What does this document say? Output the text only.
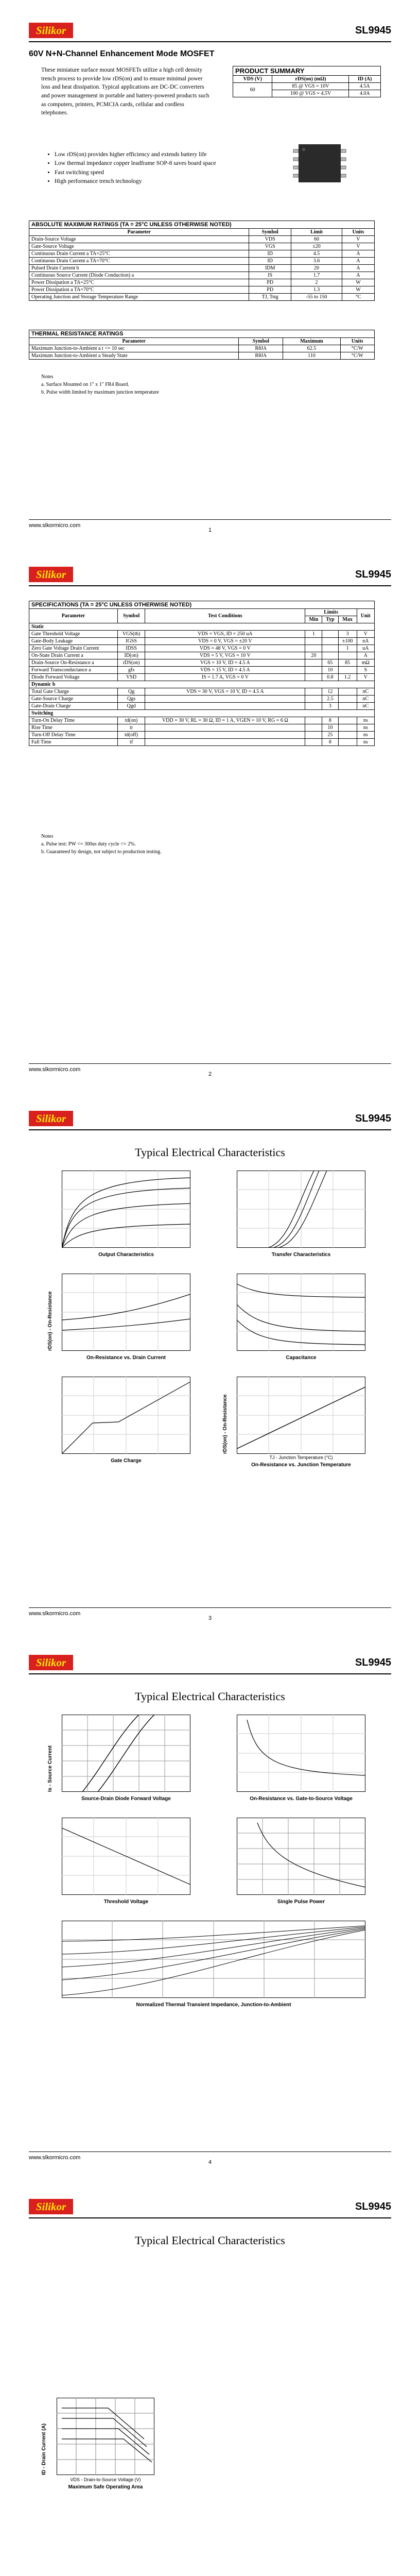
Silikor	SL9945
60V N+N-Channel Enhancement Mode MOSFET
These miniature surface mount MOSFETs utilize a high cell density trench process to provide low rDS(on) and to ensure minimal power loss and heat dissipation. Typical applications are DC-DC converters and power management in portable and battery-powered products such as computers, printers, PCMCIA cards, cellular and cordless telephones.
• Low rDS(on) provides higher efficiency and extends battery life
• Low thermal impedance copper leadframe SOP-8 saves board space
• Fast switching speed
• High performance trench technology
PRODUCT SUMMARY		
VDS (V)	rDS(on) (mΩ)	ID (A)
60	85 @ VGS = 10V	4.5A
	100 @ VGS = 4.5V	4.0A
ABSOLUTE MAXIMUM RATINGS (TA = 25°C UNLESS OTHERWISE NOTED)			
Parameter	Symbol	Limit	Units
Drain-Source Voltage	VDS	60	V
Gate-Source Voltage	VGS	±20	V
Continuous Drain Current a TA=25°C	ID	4.5	A
Continuous Drain Current a TA=70°C	ID	3.6	A
Pulsed Drain Current b	IDM	20	A
Continuous Source Current (Diode Conduction) a	IS	1.7	A
Power Dissipation a TA=25°C	PD	2	W
Power Dissipation a TA=70°C	PD	1.3	W
Operating Junction and Storage Temperature Range	TJ, Tstg	-55 to 150	°C
THERMAL RESISTANCE RATINGS			
Parameter	Symbol	Maximum	Units
Maximum Junction-to-Ambient a t <= 10 sec	RθJA	62.5	°C/W
Maximum Junction-to-Ambient a Steady State	RθJA	110	°C/W
Notes
a. Surface Mounted on 1" x 1" FR4 Board.
b. Pulse width limited by maximum junction temperature
www.slkormicro.com
1
Silikor	SL9945
SPECIFICATIONS (TA = 25°C UNLESS OTHERWISE NOTED)						
Parameter	Symbol	Test Conditions	Limits			Unit
			Min	Typ	Max	
Static						
Gate Threshold Voltage	VGS(th)	VDS = VGS, ID = 250 uA	1		3	V
Gate-Body Leakage	IGSS	VDS = 0 V, VGS = ±20 V			±100	nA
Zero Gate Voltage Drain Current	IDSS	VDS = 48 V, VGS = 0 V			1	uA
On-State Drain Current a	ID(on)	VDS = 5 V, VGS = 10 V	20			A
Drain-Source On-Resistance a	rDS(on)	VGS = 10 V, ID = 4.5 A		65	85	mΩ
Forward Transconductance a	gfs	VDS = 15 V, ID = 4.5 A		10		S
Diode Forward Voltage	VSD	IS = 1.7 A, VGS = 0 V		0.8	1.2	V
Dynamic b						
Total Gate Charge	Qg	VDS = 30 V, VGS = 10 V, ID = 4.5 A		12		nC
Gate-Source Charge	Qgs			2.5		nC
Gate-Drain Charge	Qgd			3		nC
Switching						
Turn-On Delay Time	td(on)	VDD = 30 V, RL = 30 Ω, ID = 1 A, VGEN = 10 V, RG = 6 Ω		8		ns
Rise Time	tr			10		ns
Turn-Off Delay Time	td(off)			25		ns
Fall Time	tf			8		ns
Notes
a. Pulse test: PW <= 300us duty cycle <= 2%.
b. Guaranteed by design, not subject to production testing.
www.slkormicro.com
2
Silikor	SL9945
Typical Electrical Characteristics
Output Characteristics	Transfer Characteristics
rDS(on) - On-Resistance
On-Resistance vs. Drain Current	Capacitance
Gate Charge
rDS(on) - On-Resistance
TJ - Junction Temperature (°C)
On-Resistance vs. Junction Temperature
www.slkormicro.com
3
Silikor	SL9945
Typical Electrical Characteristics
Is - Source Current
Source-Drain Diode Forward Voltage	On-Resistance vs. Gate-to-Source Voltage
Threshold Voltage	Single Pulse Power
Normalized Thermal Transient Impedance, Junction-to-Ambient
www.slkormicro.com
4
Silikor	SL9945
Typical Electrical Characteristics
ID - Drain Current (A)
VDS - Drain-to-Source Voltage (V)
Maximum Safe Operating Area
